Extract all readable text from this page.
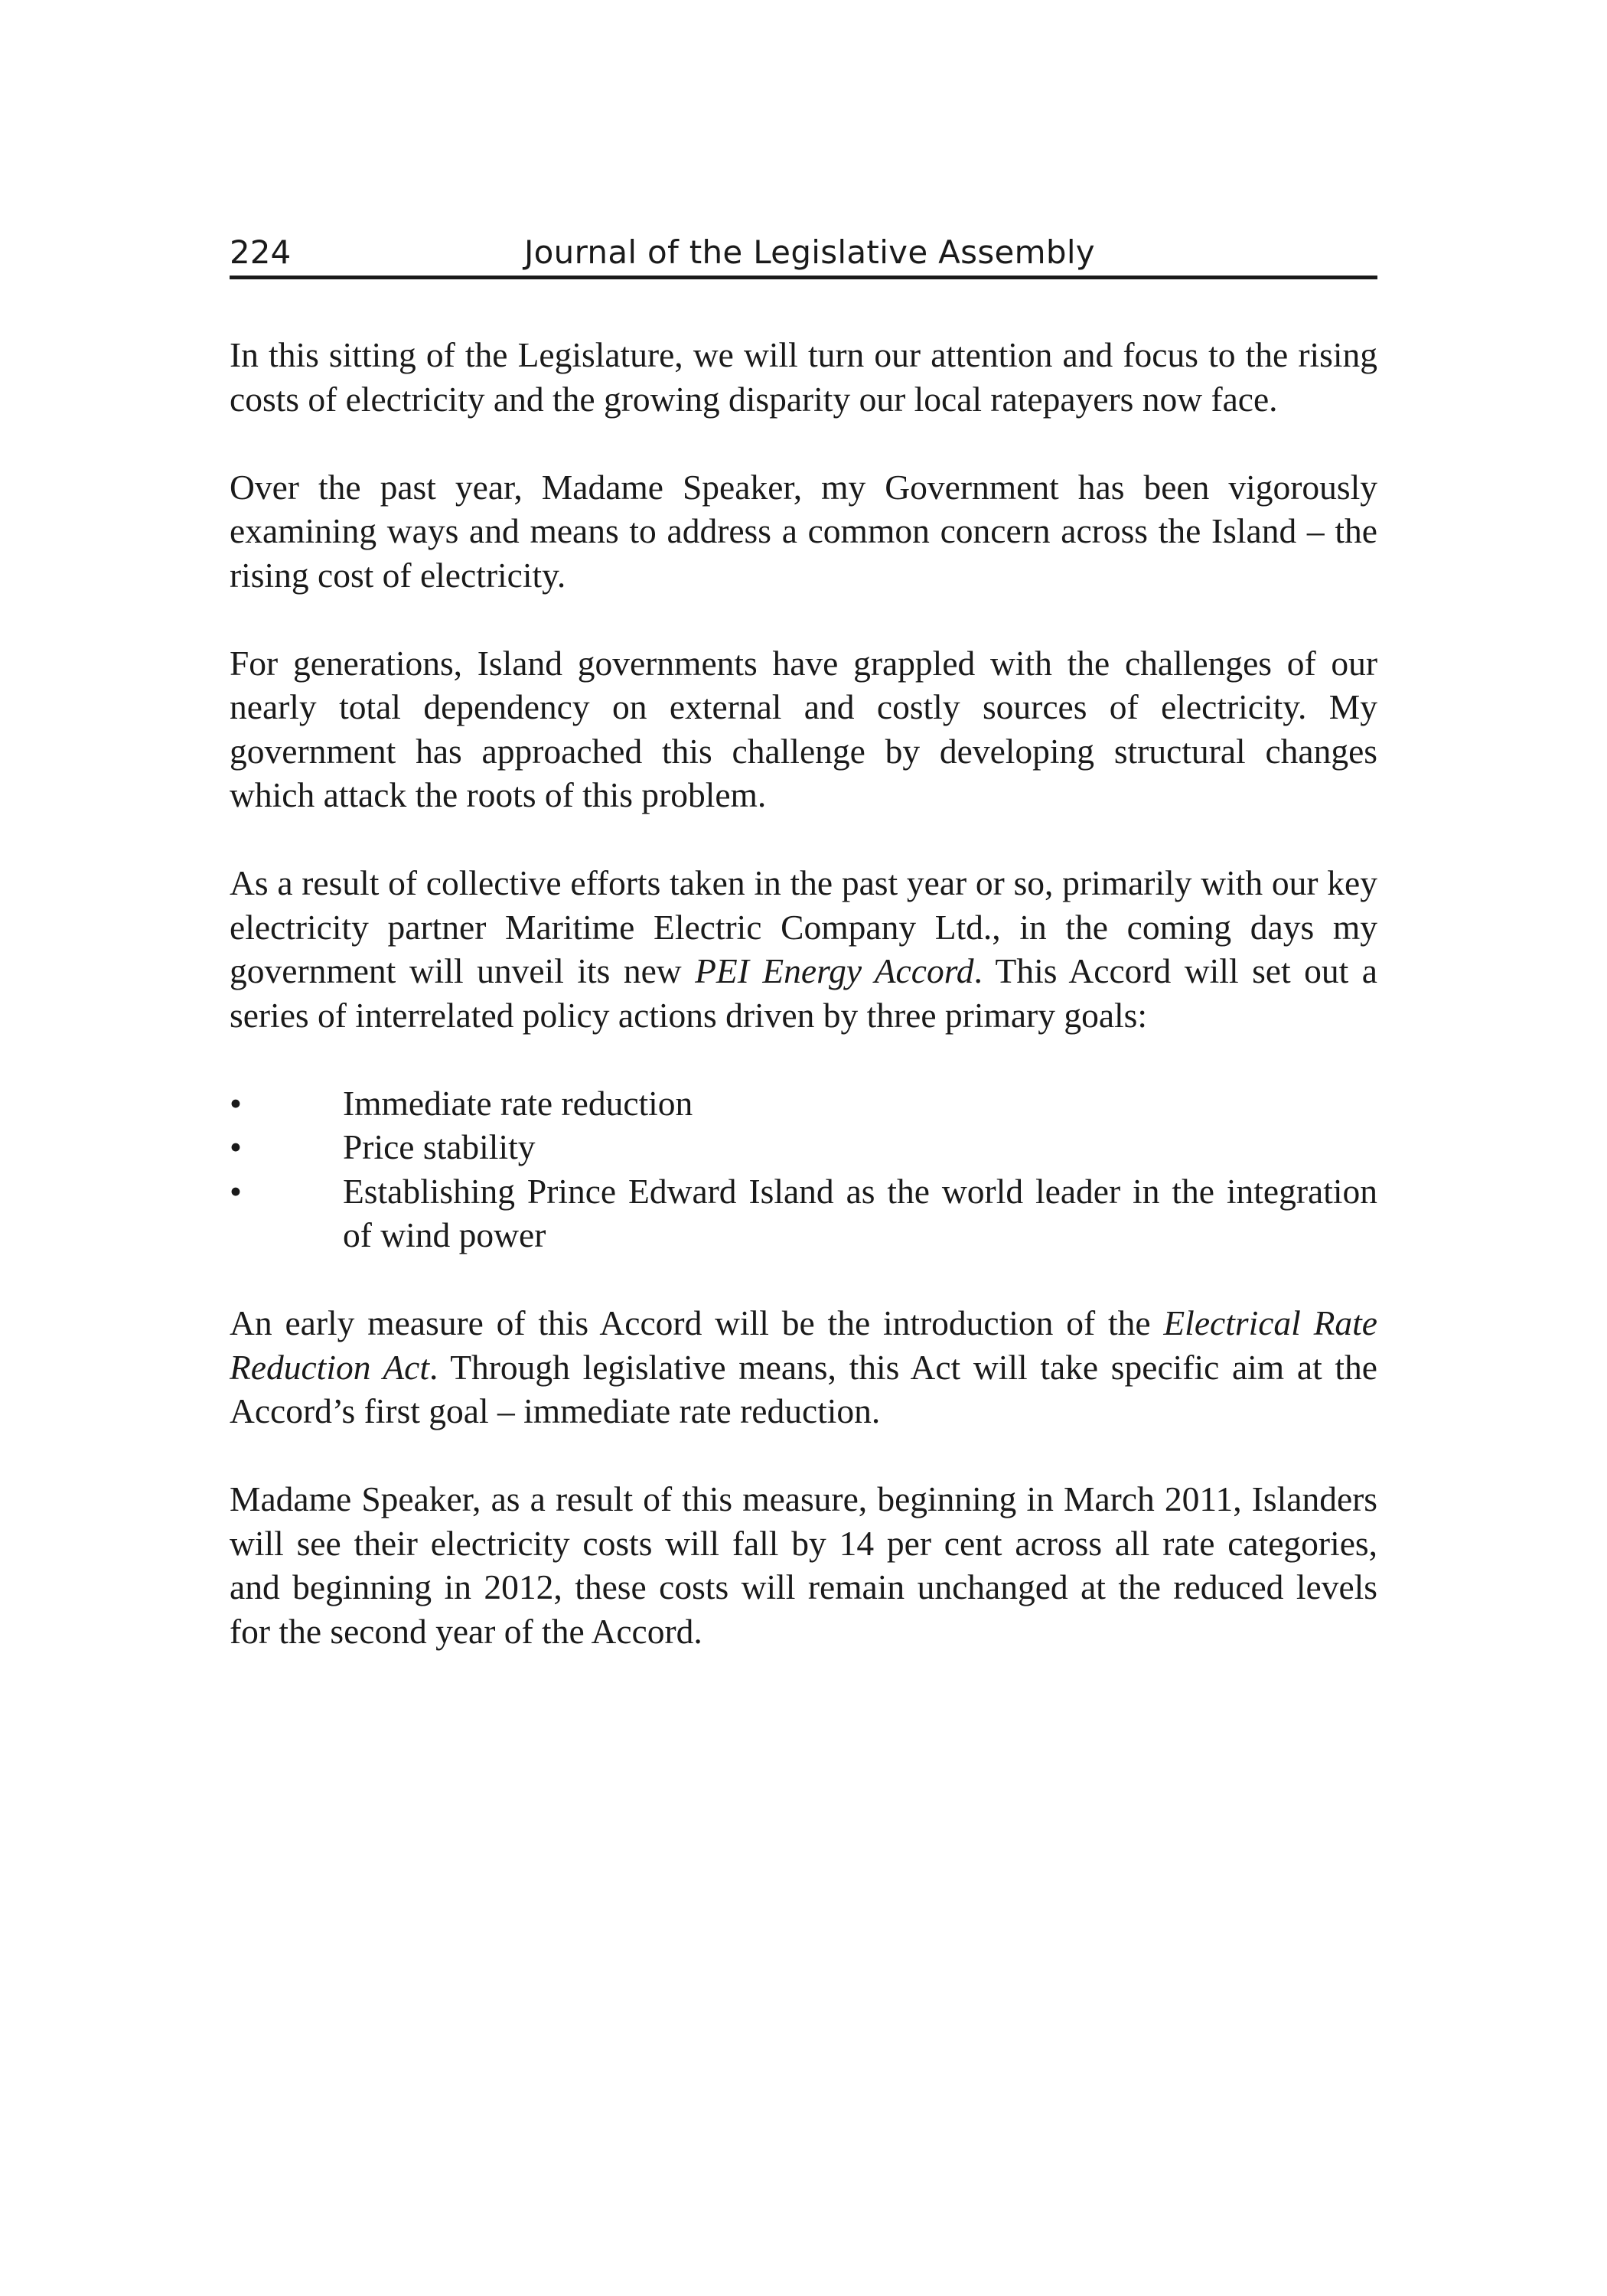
224	Journal of the Legislative Assembly

In this sitting of the Legislature, we will turn our attention and focus to the rising costs of electricity and the growing disparity our local ratepayers now face.

Over the past year, Madame Speaker, my Government has been vigorously examining ways and means to address a common concern across the Island – the rising cost of electricity.

For generations, Island governments have grappled with the challenges of our nearly total dependency on external and costly sources of electricity. My government has approached this challenge by developing structural changes which attack the roots of this problem.

As a result of collective efforts taken in the past year or so, primarily with our key electricity partner Maritime Electric Company Ltd., in the coming days my government will unveil its new PEI Energy Accord. This Accord will set out a series of interrelated policy actions driven by three primary goals:

•	Immediate rate reduction
•	Price stability
•	Establishing Prince Edward Island as the world leader in the integration of wind power

An early measure of this Accord will be the introduction of the Electrical Rate Reduction Act. Through legislative means, this Act will take specific aim at the Accord’s first goal – immediate rate reduction.

Madame Speaker, as a result of this measure, beginning in March 2011, Islanders will see their electricity costs will fall by 14 per cent across all rate categories, and beginning in 2012, these costs will remain unchanged at the reduced levels for the second year of the Accord.
